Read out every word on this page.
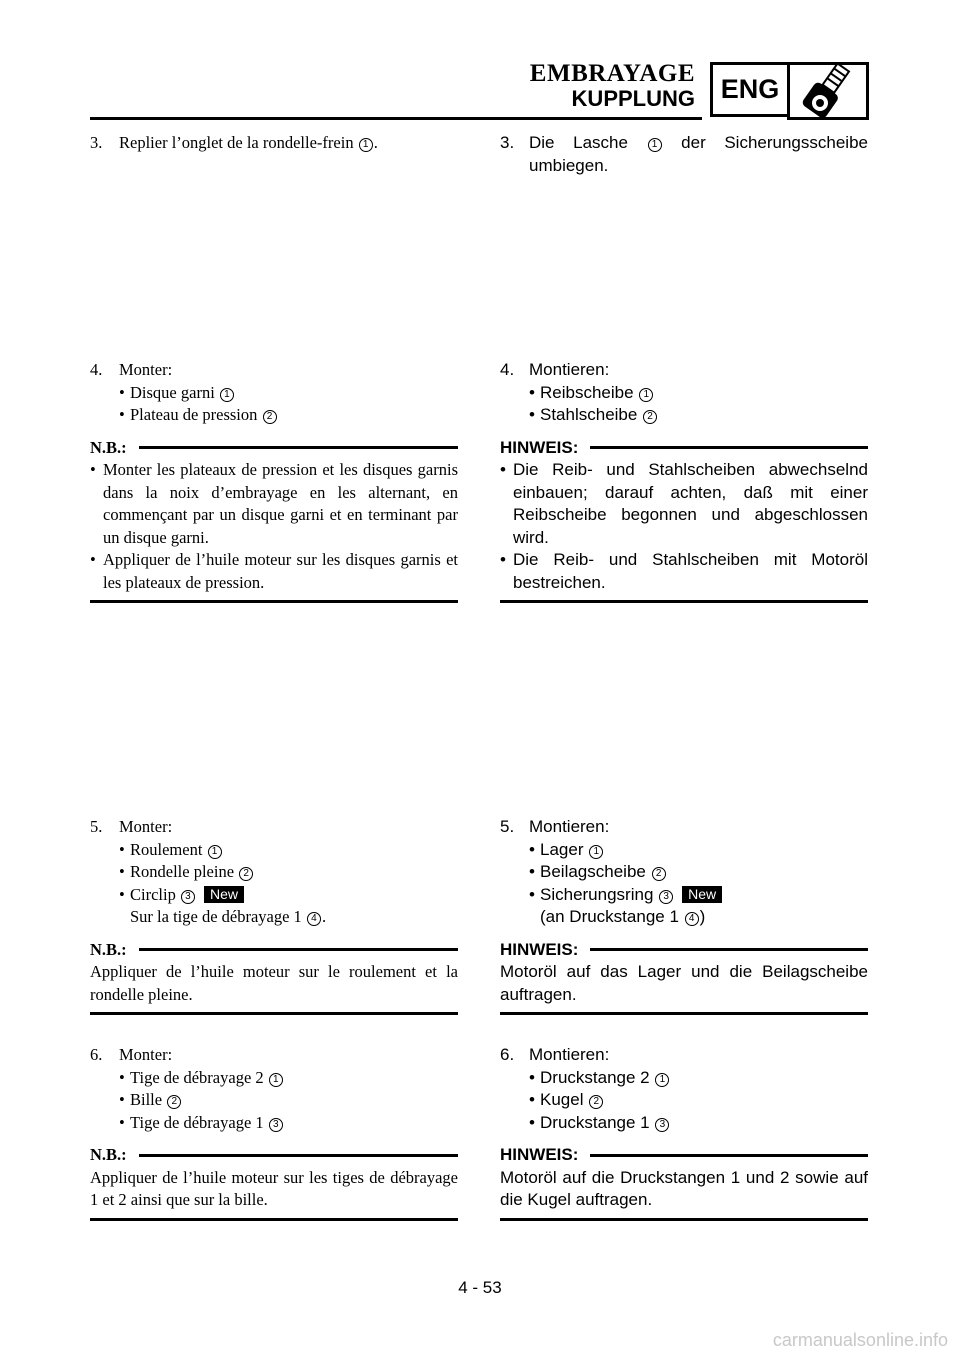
EMBRAYAGE
KUPPLUNG ENG
3. Replier l’onglet de la rondelle-frein 1 .
4. Monter:
• Disque garni 1
• Plateau de pression 2
N.B.:
• Monter les plateaux de pression et les disques garnis dans la noix d’embrayage en les alternant, en commençant par un disque garni et en terminant par un disque garni.
• Appliquer de l’huile moteur sur les disques garnis et les plateaux de pression.
5. Monter:
• Roulement 1
• Rondelle pleine 2
• Circlip 3 New
Sur la tige de débrayage 1 4 .
N.B.:
Appliquer de l’huile moteur sur le roulement et la rondelle pleine.
6. Monter:
• Tige de débrayage 2 1
• Bille 2
• Tige de débrayage 1 3
N.B.:
Appliquer de l’huile moteur sur les tiges de débrayage 1 et 2 ainsi que sur la bille.
3. Die Lasche 1 der Sicherungsscheibe umbiegen.
4. Montieren:
• Reibscheibe 1
• Stahlscheibe 2
HINWEIS:
• Die Reib- und Stahlscheiben abwechselnd einbauen; darauf achten, daß mit einer Reibscheibe begonnen und abgeschlossen wird.
• Die Reib- und Stahlscheiben mit Motoröl bestreichen.
5. Montieren:
• Lager 1
• Beilagscheibe 2
• Sicherungsring 3 New
(an Druckstange 1 4 )
HINWEIS:
Motoröl auf das Lager und die Beilagscheibe auftragen.
6. Montieren:
• Druckstange 2 1
• Kugel 2
• Druckstange 1 3
HINWEIS:
Motoröl auf die Druckstangen 1 und 2 sowie auf die Kugel auftragen.
4 - 53
carmanualsonline.info
